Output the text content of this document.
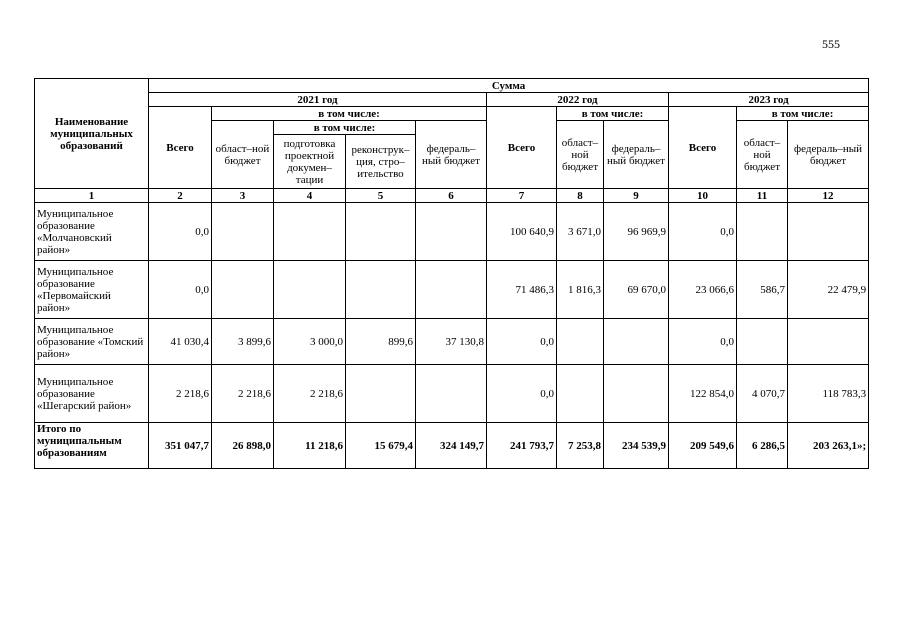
555
Наименование муниципальных образований	Сумма										
	2021 год					2022 год			2023 год		
	Всего	в том числе:				Всего	в том числе:		Всего	в том числе:	
		област–ной бюджет	в том числе:		федераль–ный бюджет		област–ной бюджет	федераль–ный бюджет		област–ной бюджет	федераль–ный бюджет
			подготовка проектной докумен–тации	реконструк–ция, стро–ительство							
1	2	3	4	5	6	7	8	9	10	11	12
Муниципальное образование «Молчановский район»	0,0					100 640,9	3 671,0	96 969,9	0,0		
Муниципальное образование «Первомайский район»	0,0					71 486,3	1 816,3	69 670,0	23 066,6	586,7	22 479,9
Муниципальное образование «Томский район»	41 030,4	3 899,6	3 000,0	899,6	37 130,8	0,0			0,0		
Муниципальное образование «Шегарский район»	2 218,6	2 218,6	2 218,6			0,0			122 854,0	4 070,7	118 783,3
Итого по муниципальным образованиям	351 047,7	26 898,0	11 218,6	15 679,4	324 149,7	241 793,7	7 253,8	234 539,9	209 549,6	6 286,5	203 263,1»;
